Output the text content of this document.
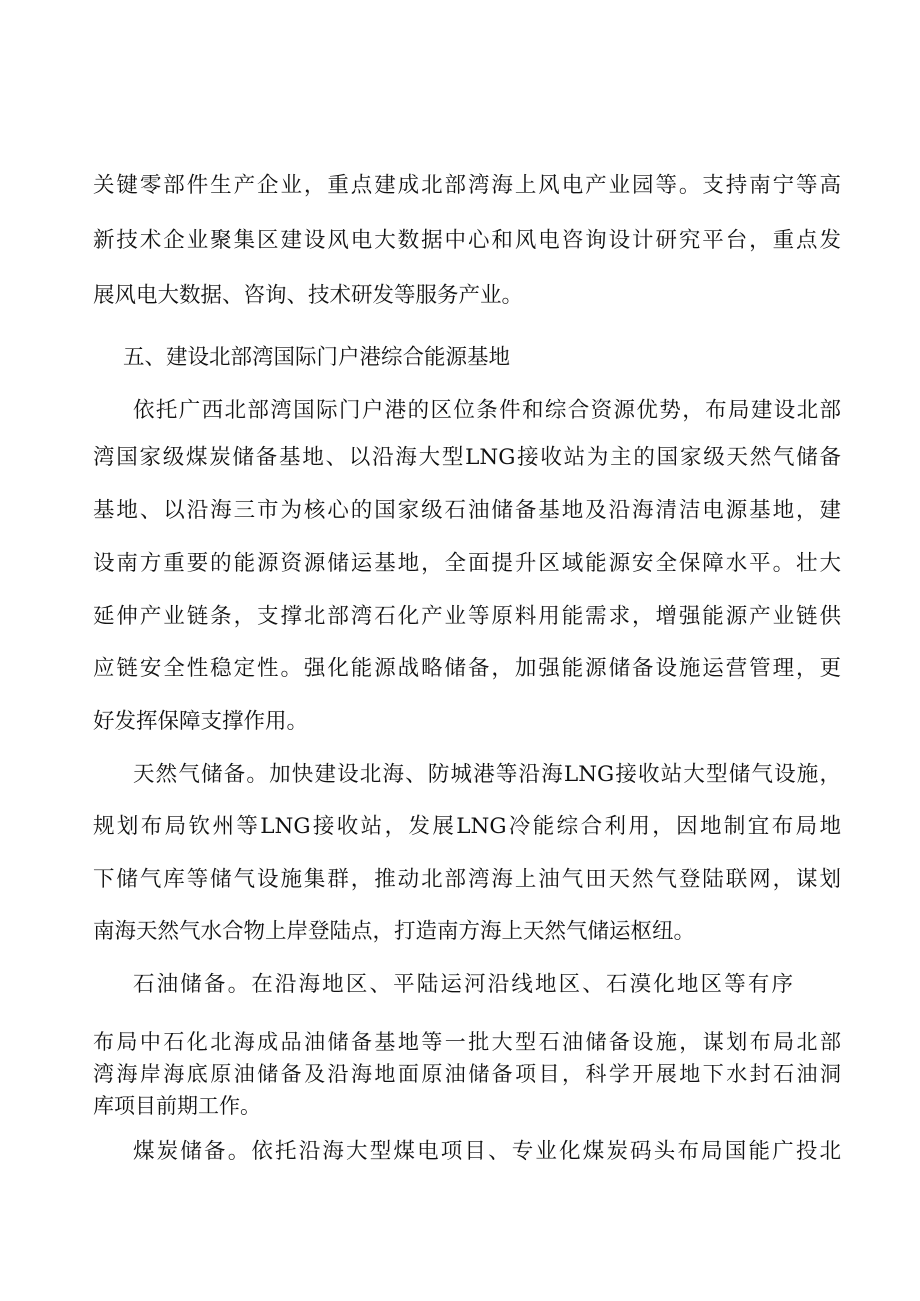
关键零部件生产企业，重点建成北部湾海上风电产业园等。支持南宁等高

新技术企业聚集区建设风电大数据中心和风电咨询设计研究平台，重点发

展风电大数据、咨询、技术研发等服务产业。

五、建设北部湾国际门户港综合能源基地

依托广西北部湾国际门户港的区位条件和综合资源优势，布局建设北部

湾国家级煤炭储备基地、以沿海大型LNG接收站为主的国家级天然气储备

基地、以沿海三市为核心的国家级石油储备基地及沿海清洁电源基地，建

设南方重要的能源资源储运基地，全面提升区域能源安全保障水平。壮大

延伸产业链条，支撑北部湾石化产业等原料用能需求，增强能源产业链供

应链安全性稳定性。强化能源战略储备，加强能源储备设施运营管理，更

好发挥保障支撑作用。

天然气储备。加快建设北海、防城港等沿海LNG接收站大型储气设施，

规划布局钦州等LNG接收站，发展LNG冷能综合利用，因地制宜布局地

下储气库等储气设施集群，推动北部湾海上油气田天然气登陆联网，谋划

南海天然气水合物上岸登陆点，打造南方海上天然气储运枢纽。

石油储备。在沿海地区、平陆运河沿线地区、石漠化地区等有序

布局中石化北海成品油储备基地等一批大型石油储备设施，谋划布局北部

湾海岸海底原油储备及沿海地面原油储备项目，科学开展地下水封石油洞

库项目前期工作。

煤炭储备。依托沿海大型煤电项目、专业化煤炭码头布局国能广投北
